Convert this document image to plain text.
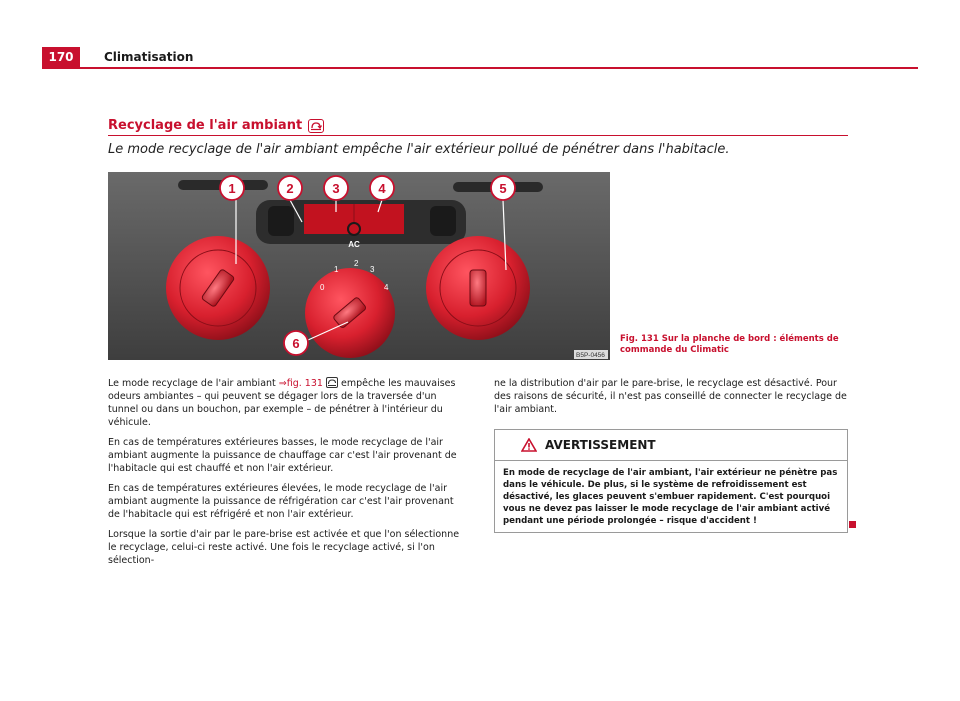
170	Climatisation
Recyclage de l'air ambiant
Le mode recyclage de l'air ambiant empêche l'air extérieur pollué de pénétrer dans l'habitacle.
AC
0
1
2
3
4
1	2	3	4	5
6
B5P-0456
Fig. 131 Sur la planche de bord : éléments de commande du Climatic

Le mode recyclage de l'air ambiant ⇒fig. 131
empêche les mauvaises odeurs ambiantes – qui peuvent se dégager lors de la traversée d'un tunnel ou dans un bouchon, par exemple – de pénétrer à l'intérieur du véhicule.

En cas de températures extérieures basses, le mode recyclage de l'air ambiant augmente la puissance de chauffage car c'est l'air provenant de l'habitacle qui est chauffé et non l'air extérieur.

En cas de températures extérieures élevées, le mode recyclage de l'air ambiant augmente la puissance de réfrigération car c'est l'air provenant de l'habitacle qui est réfrigéré et non l'air extérieur.

Lorsque la sortie d'air par le pare-brise est activée et que l'on sélectionne le recyclage, celui-ci reste activé. Une fois le recyclage activé, si l'on sélection-

ne la distribution d'air par le pare-brise, le recyclage est désactivé. Pour des raisons de sécurité, il n'est pas conseillé de connecter le recyclage de l'air ambiant.

AVERTISSEMENT
En mode de recyclage de l'air ambiant, l'air extérieur ne pénètre pas dans le véhicule. De plus, si le système de refroidissement est désactivé, les glaces peuvent s'embuer rapidement. C'est pourquoi vous ne devez pas laisser le mode recyclage de l'air ambiant activé pendant une période prolongée – risque d'accident !
